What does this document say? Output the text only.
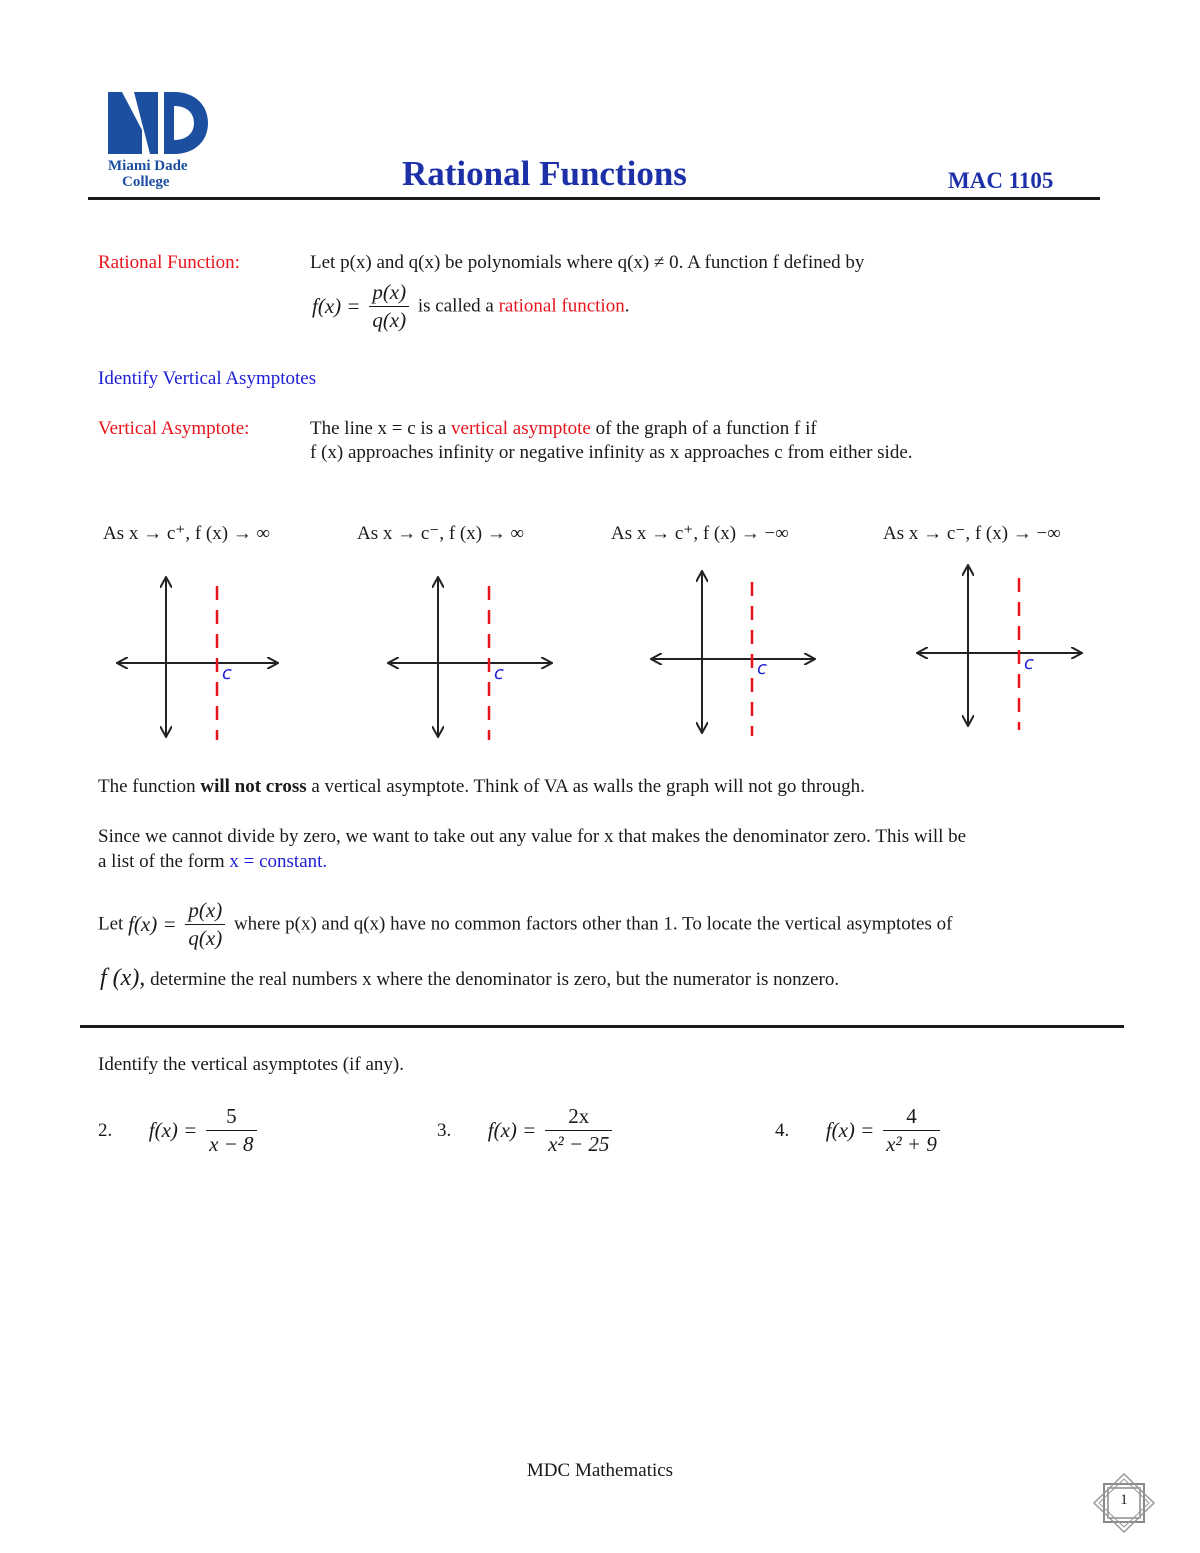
Miami Dade
College	Rational Functions	MAC 1105
Rational Function:	Let p(x) and q(x) be polynomials where q(x) ≠ 0. A function f defined by
$f(x) = \frac{p(x)}{q(x)}$ is called a rational function.
Identify Vertical Asymptotes
Vertical Asymptote:	The line x = c is a vertical asymptote of the graph of a function f if
f (x) approaches infinity or negative infinity as x approaches c from either side.
As x → c⁺, f (x) → ∞	As x → c⁻, f (x) → ∞	As x → c⁺, f (x) → −∞	As x → c⁻, f (x) → −∞
c	c	c	c
The function will not cross a vertical asymptote. Think of VA as walls the graph will not go through.
Since we cannot divide by zero, we want to take out any value for x that makes the denominator zero. This will be
a list of the form x = constant.
Let $f(x) = \frac{p(x)}{q(x)}$ where p(x) and q(x) have no common factors other than 1. To locate the vertical asymptotes of
f (x), determine the real numbers x where the denominator is zero, but the numerator is nonzero.
Identify the vertical asymptotes (if any).
2. $f(x) = \frac{5}{x - 8}$	3. $f(x) = \frac{2x}{\text{x² − 25}}$	4. $f(x) = \frac{4}{\text{x² + 9}}$
MDC Mathematics
1
